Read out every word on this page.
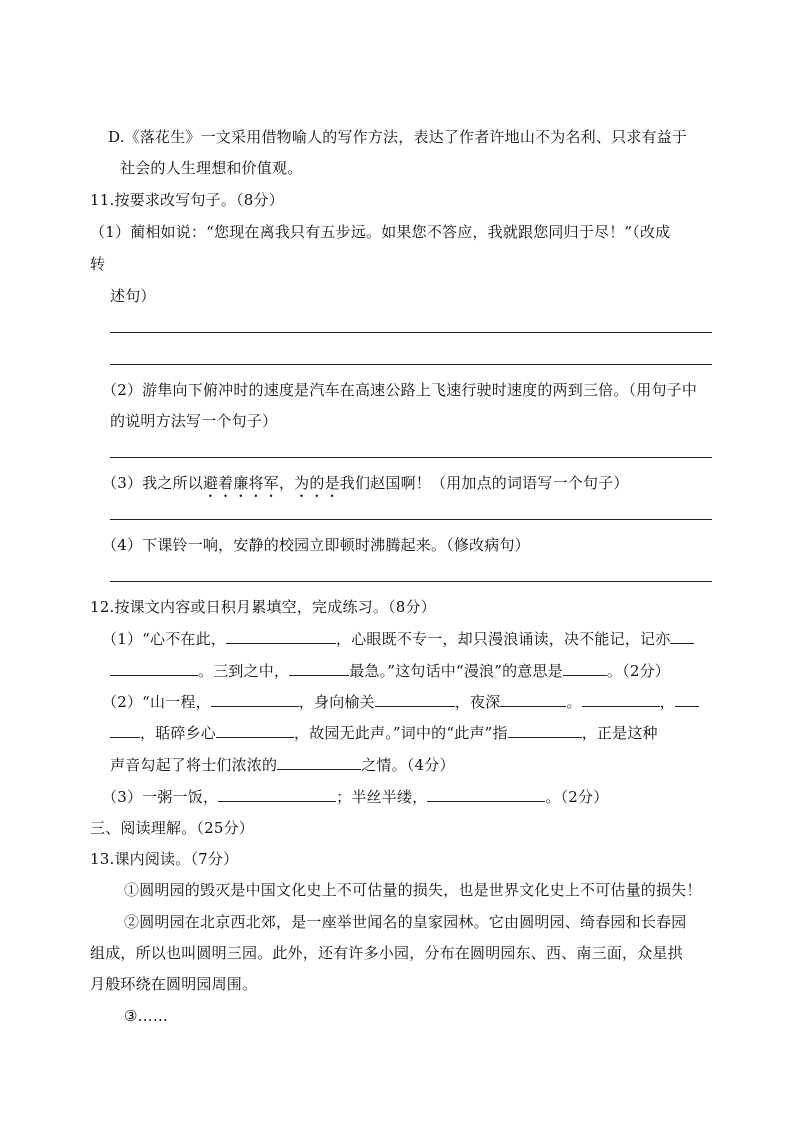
D.《落花生》一文采用借物喻人的写作方法，表达了作者许地山不为名利、只求有益于
社会的人生理想和价值观。
11.按要求改写句子。（8分）
（1）蔺相如说：“您现在离我只有五步远。如果您不答应，我就跟您同归于尽！”（改成
转
述句）
（2）游隼向下俯冲时的速度是汽车在高速公路上飞速行驶时速度的两到三倍。（用句子中
的说明方法写一个句子）
（3）我之所以避着廉将军，为的是我们赵国啊！（用加点的词语写一个句子）
（4）下课铃一响，安静的校园立即顿时沸腾起来。（修改病句）
12.按课文内容或日积月累填空，完成练习。（8分）
（1）“心不在此，	，心眼既不专一，却只漫浪诵读，决不能记，记亦
。三到之中，	最急。”这句话中“漫浪”的意思是	。（2分）
（2）“山一程，	，身向榆关	，夜深	。	，
，聒碎乡心	，故园无此声。”词中的“此声”指	，正是这种
声音勾起了将士们浓浓的	之情。（4分）
（3）一粥一饭，	；半丝半缕，	。（2分）
三、阅读理解。（25分）
13.课内阅读。（7分）
①圆明园的毁灭是中国文化史上不可估量的损失，也是世界文化史上不可估量的损失！
②圆明园在北京西北郊，是一座举世闻名的皇家园林。它由圆明园、绮春园和长春园
组成，所以也叫圆明三园。此外，还有许多小园，分布在圆明园东、西、南三面，众星拱
月般环绕在圆明园周围。
③……
